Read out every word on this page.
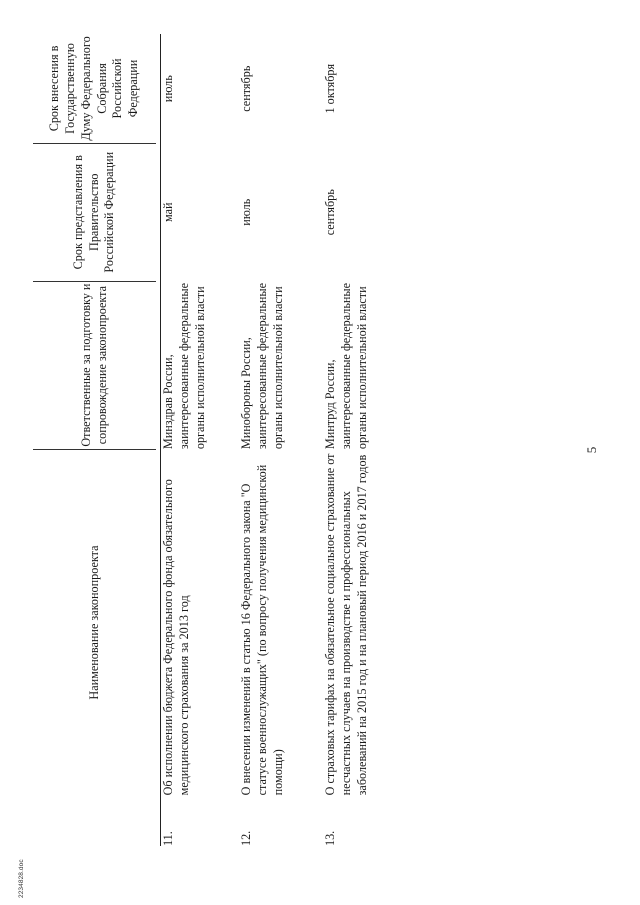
5
	Наименование законопроекта	Ответственные за подготовку и сопровождение законопроекта	Срок представления в Правительство Российской Федерации	Срок внесения в Государственную Думу Федерального Собрания Российской Федерации

11.	Об исполнении бюджета Федерального фонда обязательного медицинского страхования за 2013 год	Минздрав России, заинтересованные федеральные органы исполнительной власти	май	июль
12.	О внесении изменений в статью 16 Федерального закона "О статусе военнослужащих" (по вопросу получения медицинской помощи)	Минобороны России, заинтересованные федеральные органы исполнительной власти	июль	сентябрь
13.	О страховых тарифах на обязательное социальное страхование от несчастных случаев на производстве и профессиональных заболеваний на 2015 год и на плановый период 2016 и 2017 годов	Минтруд России, заинтересованные федеральные органы исполнительной власти	сентябрь	1 октября
2234828.doc
